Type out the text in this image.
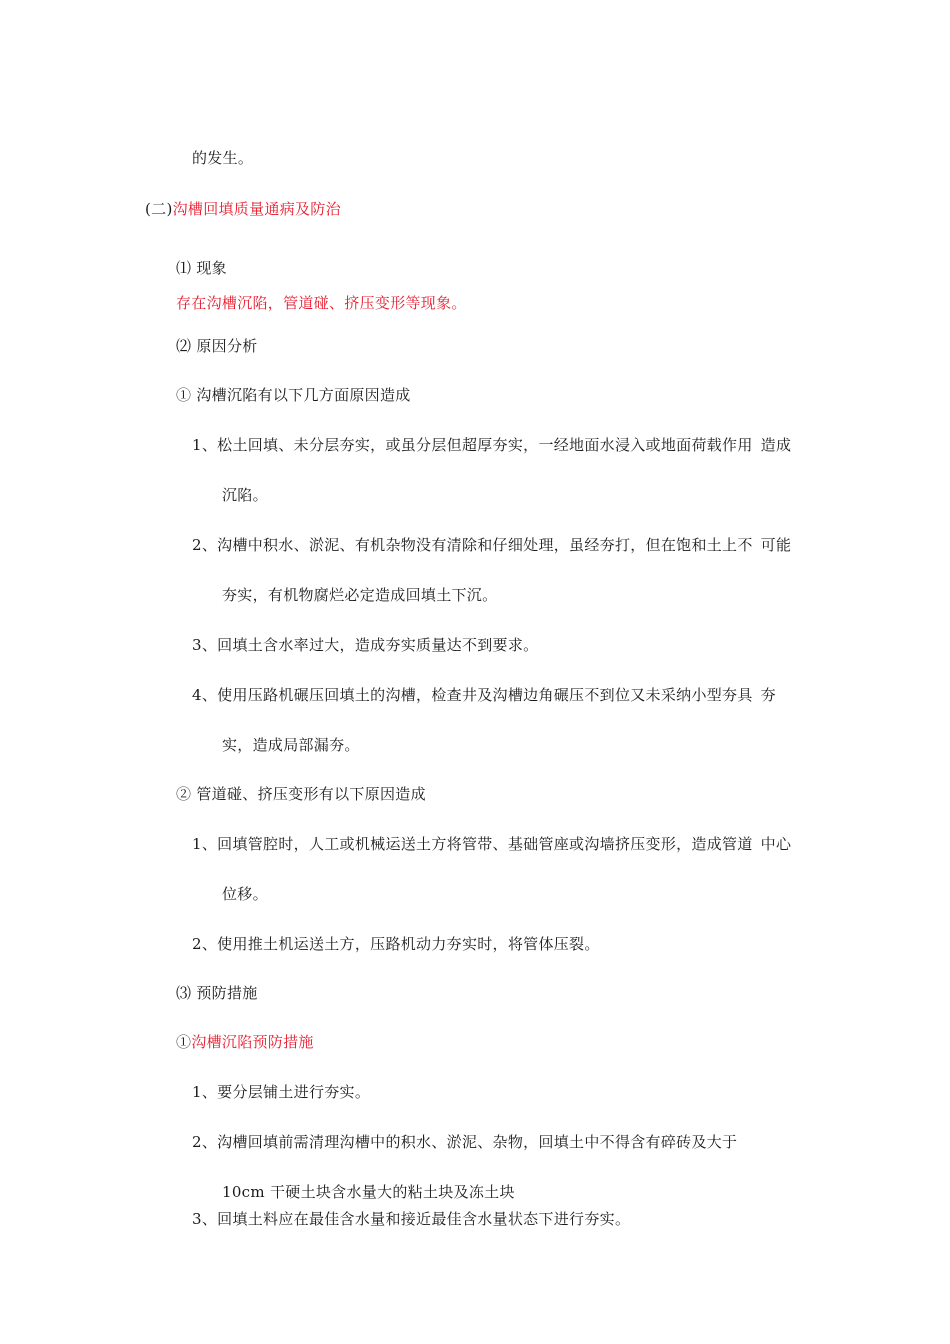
的发生。
(二)沟槽回填质量通病及防治
⑴ 现象
存在沟槽沉陷，管道碰、挤压变形等现象。
⑵ 原因分析
① 沟槽沉陷有以下几方面原因造成
1、松土回填、未分层夯实，或虽分层但超厚夯实，一经地面水浸入或地面荷载作用 造成
沉陷。
2、沟槽中积水、淤泥、有机杂物没有清除和仔细处理，虽经夯打，但在饱和土上不 可能
夯实，有机物腐烂必定造成回填土下沉。
3、回填土含水率过大，造成夯实质量达不到要求。
4、使用压路机碾压回填土的沟槽，检查井及沟槽边角碾压不到位又未采纳小型夯具 夯
实，造成局部漏夯。
② 管道碰、挤压变形有以下原因造成
1、回填管腔时，人工或机械运送土方将管带、基础管座或沟墙挤压变形，造成管道 中心
位移。
2、使用推土机运送土方，压路机动力夯实时，将管体压裂。
⑶ 预防措施
①沟槽沉陷预防措施
1、要分层铺土进行夯实。
2、沟槽回填前需清理沟槽中的积水、淤泥、杂物，回填土中不得含有碎砖及大于
10cm 干硬土块含水量大的粘土块及冻土块
3、回填土料应在最佳含水量和接近最佳含水量状态下进行夯实。
